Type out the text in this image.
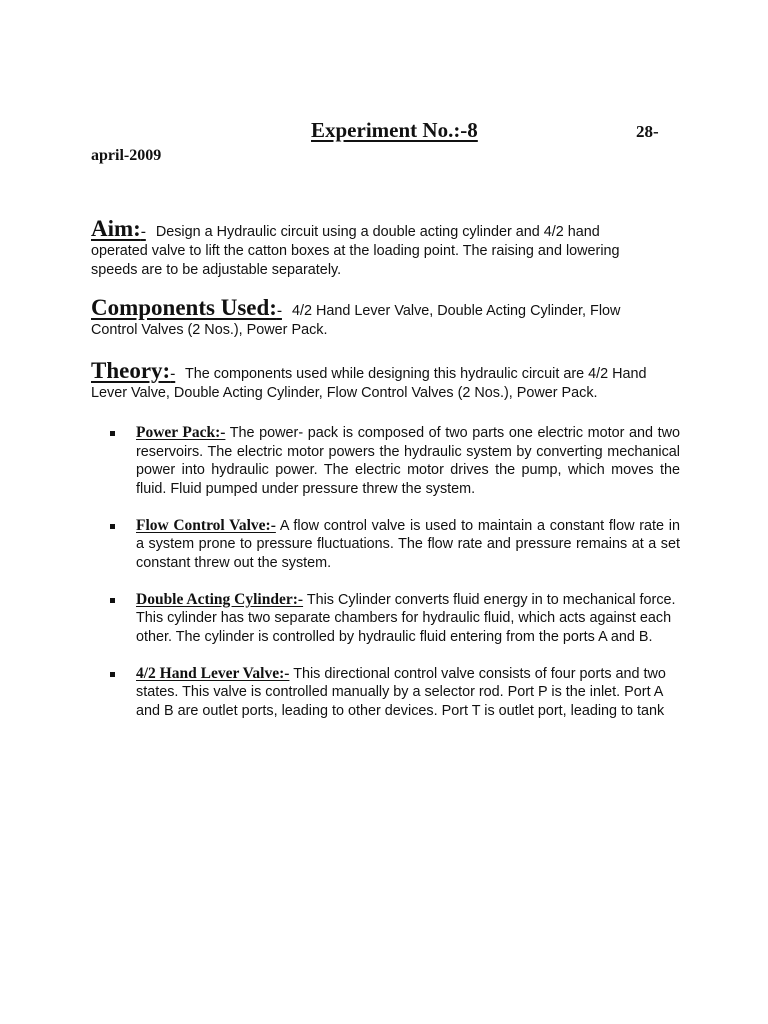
Experiment No.:-8	28-
april-2009
Aim:- Design a Hydraulic circuit using a double acting cylinder and 4/2 hand operated valve to lift the catton boxes at the loading point. The raising and lowering speeds are to be adjustable separately.
Components Used:- 4/2 Hand Lever Valve, Double Acting Cylinder, Flow Control Valves (2 Nos.), Power Pack.
Theory:- The components used while designing this hydraulic circuit are 4/2 Hand Lever Valve, Double Acting Cylinder, Flow Control Valves (2 Nos.), Power Pack.
Power Pack:- The power- pack is composed of two parts one electric motor and two reservoirs. The electric motor powers the hydraulic system by converting mechanical power into hydraulic power. The electric motor drives the pump, which moves the fluid. Fluid pumped under pressure threw the system.
Flow Control Valve:- A flow control valve is used to maintain a constant flow rate in a system prone to pressure fluctuations. The flow rate and pressure remains at a set constant threw out the system.
Double Acting Cylinder:- This Cylinder converts fluid energy in to mechanical force. This cylinder has two separate chambers for hydraulic fluid, which acts against each other. The cylinder is controlled by hydraulic fluid entering from the ports A and B.
4/2 Hand Lever Valve:- This directional control valve consists of four ports and two states. This valve is controlled manually by a selector rod. Port P is the inlet. Port A and B are outlet ports, leading to other devices. Port T is outlet port, leading to tank
